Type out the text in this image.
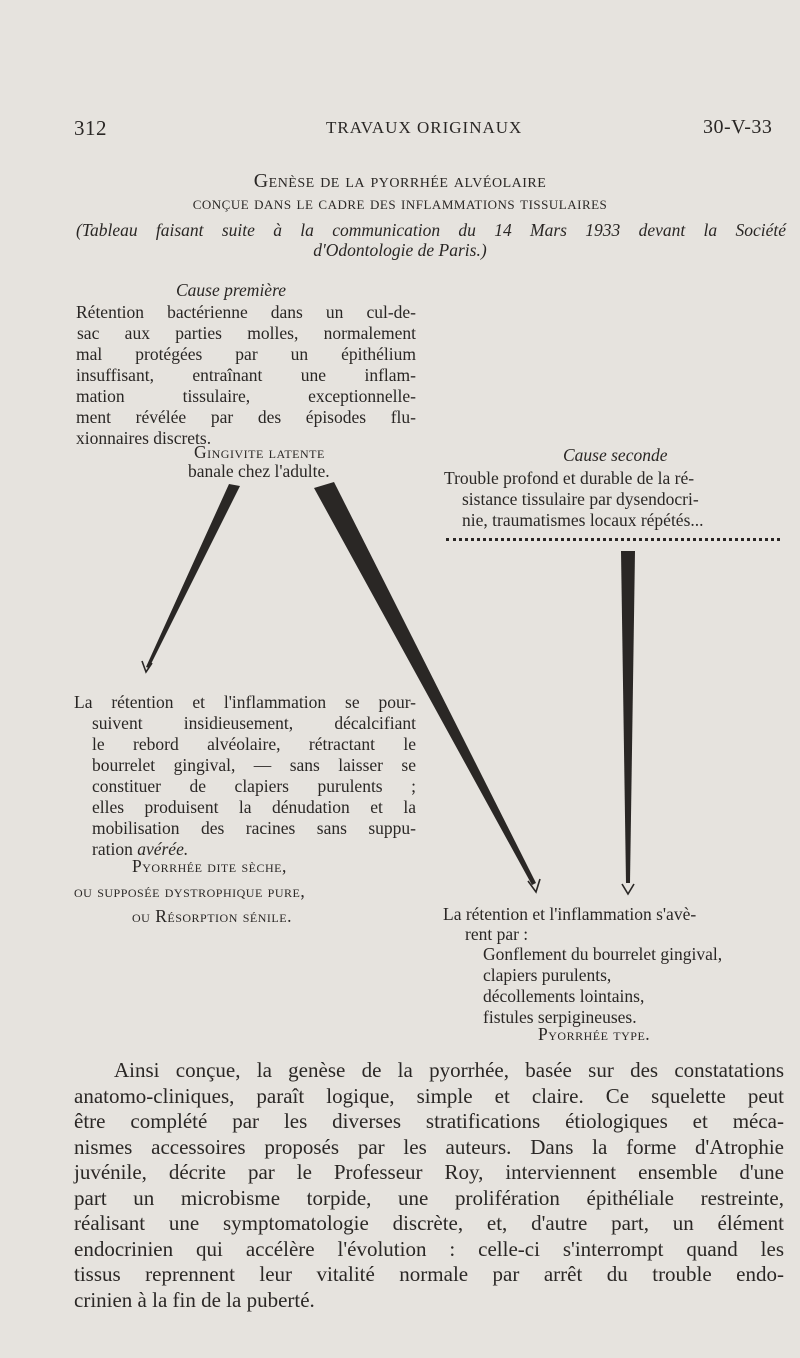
312	TRAVAUX ORIGINAUX	30-V-33
Genèse de la pyorrhée alvéolaire
conçue dans le cadre des inflammations tissulaires
(Tableau faisant suite à la communication du 14 Mars 1933 devant la Société
d'Odontologie de Paris.)
Cause première
Rétention bactérienne dans un cul-de-
sac aux parties molles, normalement
mal protégées par un épithélium
insuffisant, entraînant une inflam-
mation tissulaire, exceptionnelle-
ment révélée par des épisodes flu-
xionnaires discrets.
Gingivite latente
banale chez l'adulte.
Cause seconde
Trouble profond et durable de la ré-
sistance tissulaire par dysendocri-
nie, traumatismes locaux répétés...
La rétention et l'inflammation se pour-
suivent insidieusement, décalcifiant
le rebord alvéolaire, rétractant le
bourrelet gingival, — sans laisser se
constituer de clapiers purulents ;
elles produisent la dénudation et la
mobilisation des racines sans suppu-
ration avérée.
Pyorrhée dite sèche,
ou supposée dystrophique pure,
ou Résorption sénile.	La rétention et l'inflammation s'avè-
rent par :
Gonflement du bourrelet gingival,
clapiers purulents,
décollements lointains,
fistules serpigineuses.
Pyorrhée type.
Ainsi conçue, la genèse de la pyorrhée, basée sur des constatations
anatomo-cliniques, paraît logique, simple et claire. Ce squelette peut
être complété par les diverses stratifications étiologiques et méca-
nismes accessoires proposés par les auteurs. Dans la forme d'Atrophie
juvénile, décrite par le Professeur Roy, interviennent ensemble d'une
part un microbisme torpide, une prolifération épithéliale restreinte,
réalisant une symptomatologie discrète, et, d'autre part, un élément
endocrinien qui accélère l'évolution : celle-ci s'interrompt quand les
tissus reprennent leur vitalité normale par arrêt du trouble endo-
crinien à la fin de la puberté.
